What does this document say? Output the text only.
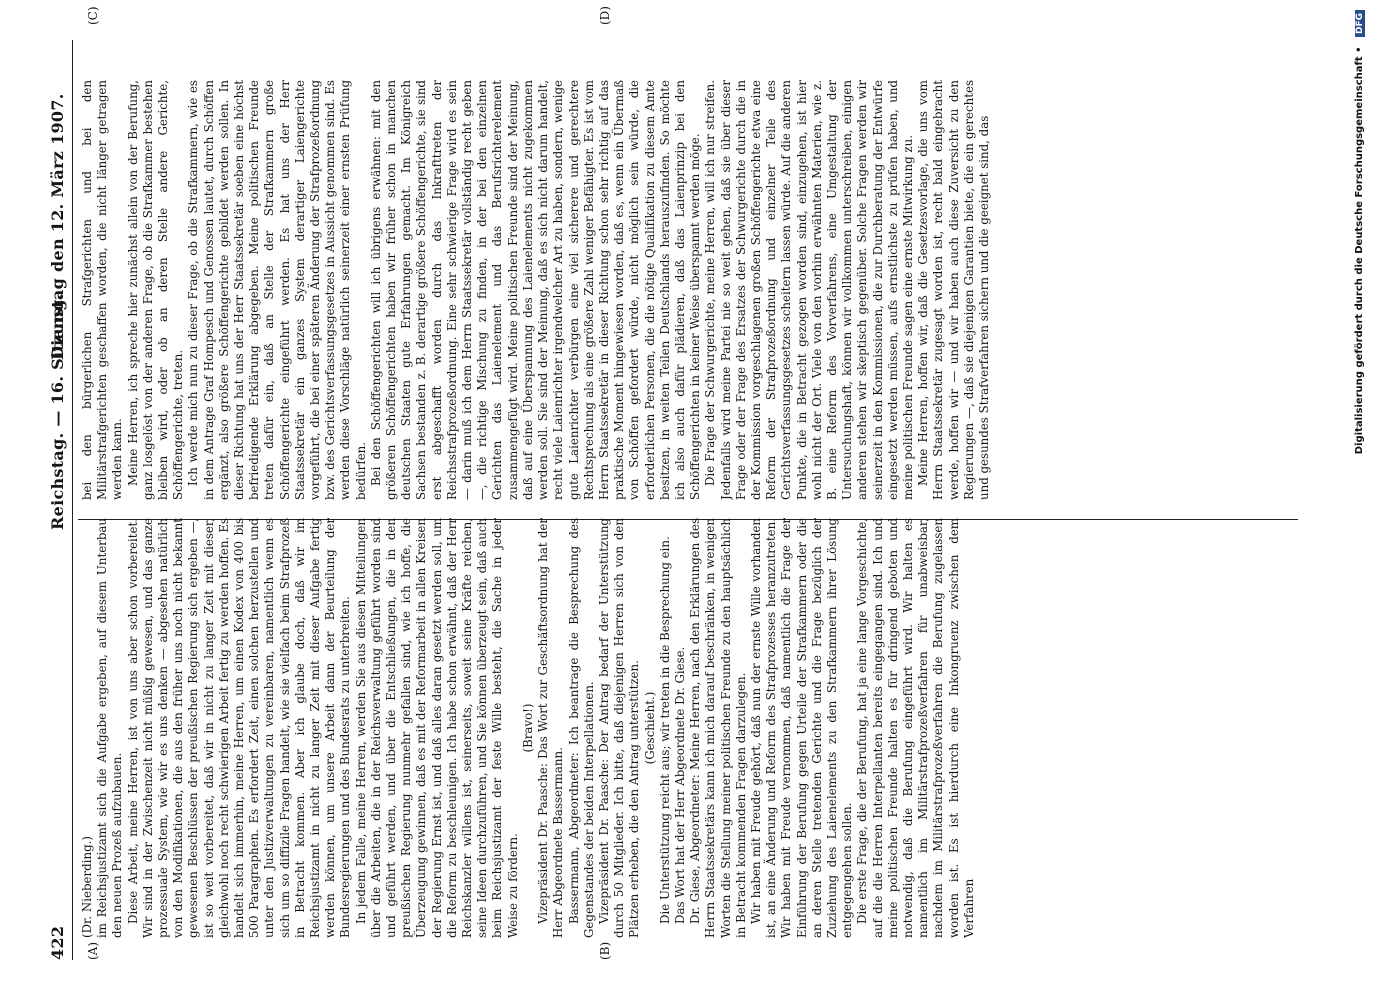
422
Reichstag. — 16. Sitzung.
Dienstag den 12. März 1907.
(A)	(B)
(C)	(D)

(Dr. Nieberding.) im Reichsjustizamt sich die Aufgabe ergeben, auf diesem Unterbau den neuen Prozeß aufzubauen. Diese Arbeit, meine Herren, ist von uns aber schon vorbereitet. Wir sind in der Zwischenzeit nicht müßig gewesen, und das ganze prozessuale System, wie wir es uns denken — abgesehen natürlich von den Modifikationen, die aus den früher uns noch nicht bekannt gewesenen Beschlüssen der preußischen Regierung sich ergeben —, ist so weit vorbereitet, daß wir in nicht zu langer Zeit mit dieser, gleichwohl noch recht schwierigen Arbeit fertig zu werden hoffen. Es handelt sich immerhin, meine Herren, um einen Kodex von 400 bis 500 Paragraphen. Es erfordert Zeit, einen solchen herzustellen und unter den Justizverwaltungen zu vereinbaren, namentlich wenn es sich um so diffizile Fragen handelt, wie sie vielfach beim Strafprozeß in Betracht kommen. Aber ich glaube doch, daß wir im Reichsjustizamt in nicht zu langer Zeit mit dieser Aufgabe fertig werden können, um unsere Arbeit dann der Beurteilung der Bundesregierungen und des Bundesrats zu unterbreiten. In jedem Falle, meine Herren, werden Sie aus diesen Mitteilungen über die Arbeiten, die in der Reichsverwaltung geführt worden sind und geführt werden, und über die Entschließungen, die in den preußischen Regierung nunmehr gefallen sind, wie ich hoffe, die Überzeugung gewinnen, daß es mit der Reformarbeit in allen Kreisen der Regierung Ernst ist, und daß alles daran gesetzt werden soll, um die Reform zu beschleunigen. Ich habe schon erwähnt, daß der Herr Reichskanzler willens ist, seinerseits, soweit seine Kräfte reichen, seine Ideen durchzuführen, und Sie können überzeugt sein, daß auch beim Reichsjustizamt der feste Wille besteht, die Sache in jeder Weise zu fördern.

(Bravo!) Vizepräsident Dr. Paasche: Das Wort zur Geschäftsordnung hat der Herr Abgeordnete Bassermann. Bassermann, Abgeordneter: Ich beantrage die Besprechung des Gegenstandes der beiden Interpellationen. Vizepräsident Dr. Paasche: Der Antrag bedarf der Unterstützung durch 50 Mitglieder. Ich bitte, daß diejenigen Herren sich von den Plätzen erheben, die den Antrag unterstützen. (Geschieht.) Die Unterstützung reicht aus; wir treten in die Besprechung ein. Das Wort hat der Herr Abgeordnete Dr. Giese. Dr. Giese, Abgeordneter: Meine Herren, nach den Erklärungen des Herrn Staatssekretärs kann ich mich darauf beschränken, in wenigen Worten die Stellung meiner politischen Freunde zu den hauptsächlich in Betracht kommenden Fragen darzulegen. Wir haben mit Freude gehört, daß nun der ernste Wille vorhanden ist, an eine Änderung und Reform des Strafprozesses heranzutreten. Wir haben mit Freude vernommen, daß namentlich die Frage der Einführung der Berufung gegen Urteile der Strafkammern oder die an deren Stelle tretenden Gerichte und die Frage bezüglich der Zuziehung des Laienelements zu den Strafkammern ihrer Lösung entgegengehen sollen. Die erste Frage, die der Berufung, hat ja eine lange Vorgeschichte, auf die die Herren Interpellanten bereits eingegangen sind. Ich und meine politischen Freunde halten es für dringend geboten und notwendig, daß die Berufung eingeführt wird. Wir halten es namentlich im Militärstrafprozeßverfahren für unabweisbar, nachdem im Militärstrafprozeßverfahren die Berufung zugelassen worden ist. Es ist hierdurch eine Inkongruenz zwischen dem Verfahren

bei den bürgerlichen Strafgerichten und bei den Militärstrafgerichten geschaffen worden, die nicht länger getragen werden kann. Meine Herren, ich spreche hier zunächst allein von der Berufung, ganz losgelöst von der anderen Frage, ob die Strafkammer bestehen bleiben wird, oder ob an deren Stelle andere Gerichte, Schöffengerichte, treten. Ich werde mich nun zu dieser Frage, ob die Strafkammern, wie es in dem Antrage Graf Hompesch und Genossen lautet, durch Schöffen ergänzt, also größere Schöffengerichte gebildet werden sollen. In dieser Richtung hat uns der Herr Staatssekretär soeben eine höchst befriedigende Erklärung abgegeben. Meine politischen Freunde treten dafür ein, daß an Stelle der Strafkammern große Schöffengerichte eingeführt werden. Es hat uns der Herr Staatssekretär ein ganzes System derartiger Laiengerichte vorgeführt, die bei einer späteren Änderung der Strafprozeßordnung bzw. des Gerichtsverfassungsgesetzes in Aussicht genommen sind. Es werden diese Vorschläge natürlich seinerzeit einer ernsten Prüfung bedürfen. Bei den Schöffengerichten will ich übrigens erwähnen: mit den größeren Schöffengerichten haben wir früher schon in manchen deutschen Staaten gute Erfahrungen gemacht. Im Königreich Sachsen bestanden z. B. derartige größere Schöffengerichte, sie sind erst abgeschafft worden durch das Inkrafttreten der Reichsstrafprozeßordnung. Eine sehr schwierige Frage wird es sein — darin muß ich dem Herrn Staatssekretär vollständig recht geben —, die richtige Mischung zu finden, in der bei den einzelnen Gerichten das Laienelement und das Berufsrichterelement zusammengefügt wird. Meine politischen Freunde sind der Meinung, daß auf eine Überspannung des Laienelements nicht zugekommen werden soll. Sie sind der Meinung, daß es sich nicht darum handelt, recht viele Laienrichter irgendwelcher Art zu haben, sondern, wenige gute Laienrichter verbürgen eine viel sicherere und gerechtere Rechtsprechung als eine größere Zahl weniger Befähigter. Es ist vom Herrn Staatssekretär in dieser Richtung schon sehr richtig auf das praktische Moment hingewiesen worden, daß es, wenn ein Übermaß von Schöffen gefordert würde, nicht möglich sein würde, die erforderlichen Personen, die die nötige Qualifikation zu diesem Amte besitzen, in weiten Teilen Deutschlands herauszufinden. So möchte ich also auch dafür plädieren, daß das Laienprinzip bei den Schöffengerichten in keiner Weise überspannt werden möge. Die Frage der Schwurgerichte, meine Herren, will ich nur streifen. Jedenfalls wird meine Partei nie so weit gehen, daß sie über dieser Frage oder der Frage des Ersatzes der Schwurgerichte durch die in der Kommission vorgeschlagenen großen Schöffengerichte etwa eine Reform der Strafprozeßordnung und einzelner Teile des Gerichtsverfassungsgesetzes scheitern lassen würde. Auf die anderen Punkte, die in Betracht gezogen worden sind, einzugehen, ist hier wohl nicht der Ort. Viele von den vorhin erwähnten Materien, wie z. B. eine Reform des Vorverfahrens, eine Umgestaltung der Untersuchungshaft, können wir vollkommen unterschreiben, einigen anderen stehen wir skeptisch gegenüber. Solche Fragen werden wir seinerzeit in den Kommissionen, die zur Durchberatung der Entwürfe eingesetzt werden müssen, aufs ernstlichste zu prüfen haben, und meine politischen Freunde sagen eine ernste Mitwirkung zu. Meine Herren, hoffen wir, daß die Gesetzesvorlage, die uns vom Herrn Staatssekretär zugesagt worden ist, recht bald eingebracht werde, hoffen wir — und wir haben auch diese Zuversicht zu den Regierungen —, daß sie diejenigen Garantien biete, die ein gerechtes und gesundes Strafverfahren sichern und die geeignet sind, das	Digitalisierung gefördert durch die Deutsche Forschungsgemeinschaft • DFG
